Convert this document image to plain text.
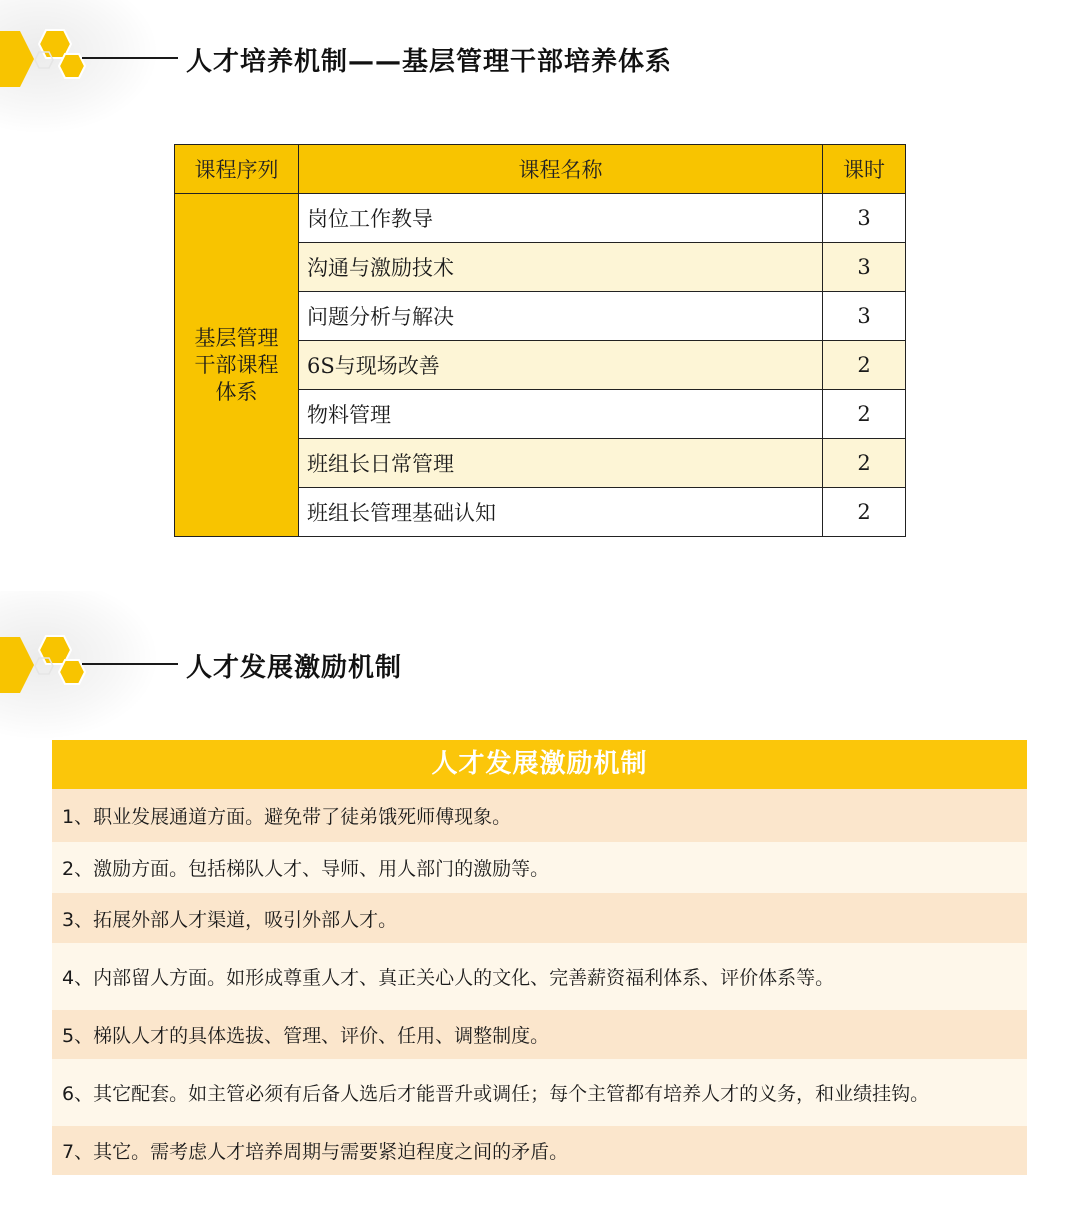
人才培养机制——基层管理干部培养体系
课程序列	课程名称	课时
基层管理干部课程体系	岗位工作教导	3
	沟通与激励技术	3
	问题分析与解决	3
	6S与现场改善	2
	物料管理	2
	班组长日常管理	2
	班组长管理基础认知	2
人才发展激励机制
人才发展激励机制
1、职业发展通道方面。避免带了徒弟饿死师傅现象。
2、激励方面。包括梯队人才、导师、用人部门的激励等。
3、拓展外部人才渠道，吸引外部人才。
4、内部留人方面。如形成尊重人才、真正关心人的文化、完善薪资福利体系、评价体系等。
5、梯队人才的具体选拔、管理、评价、任用、调整制度。
6、其它配套。如主管必须有后备人选后才能晋升或调任；每个主管都有培养人才的义务，和业绩挂钩。
7、其它。需考虑人才培养周期与需要紧迫程度之间的矛盾。
